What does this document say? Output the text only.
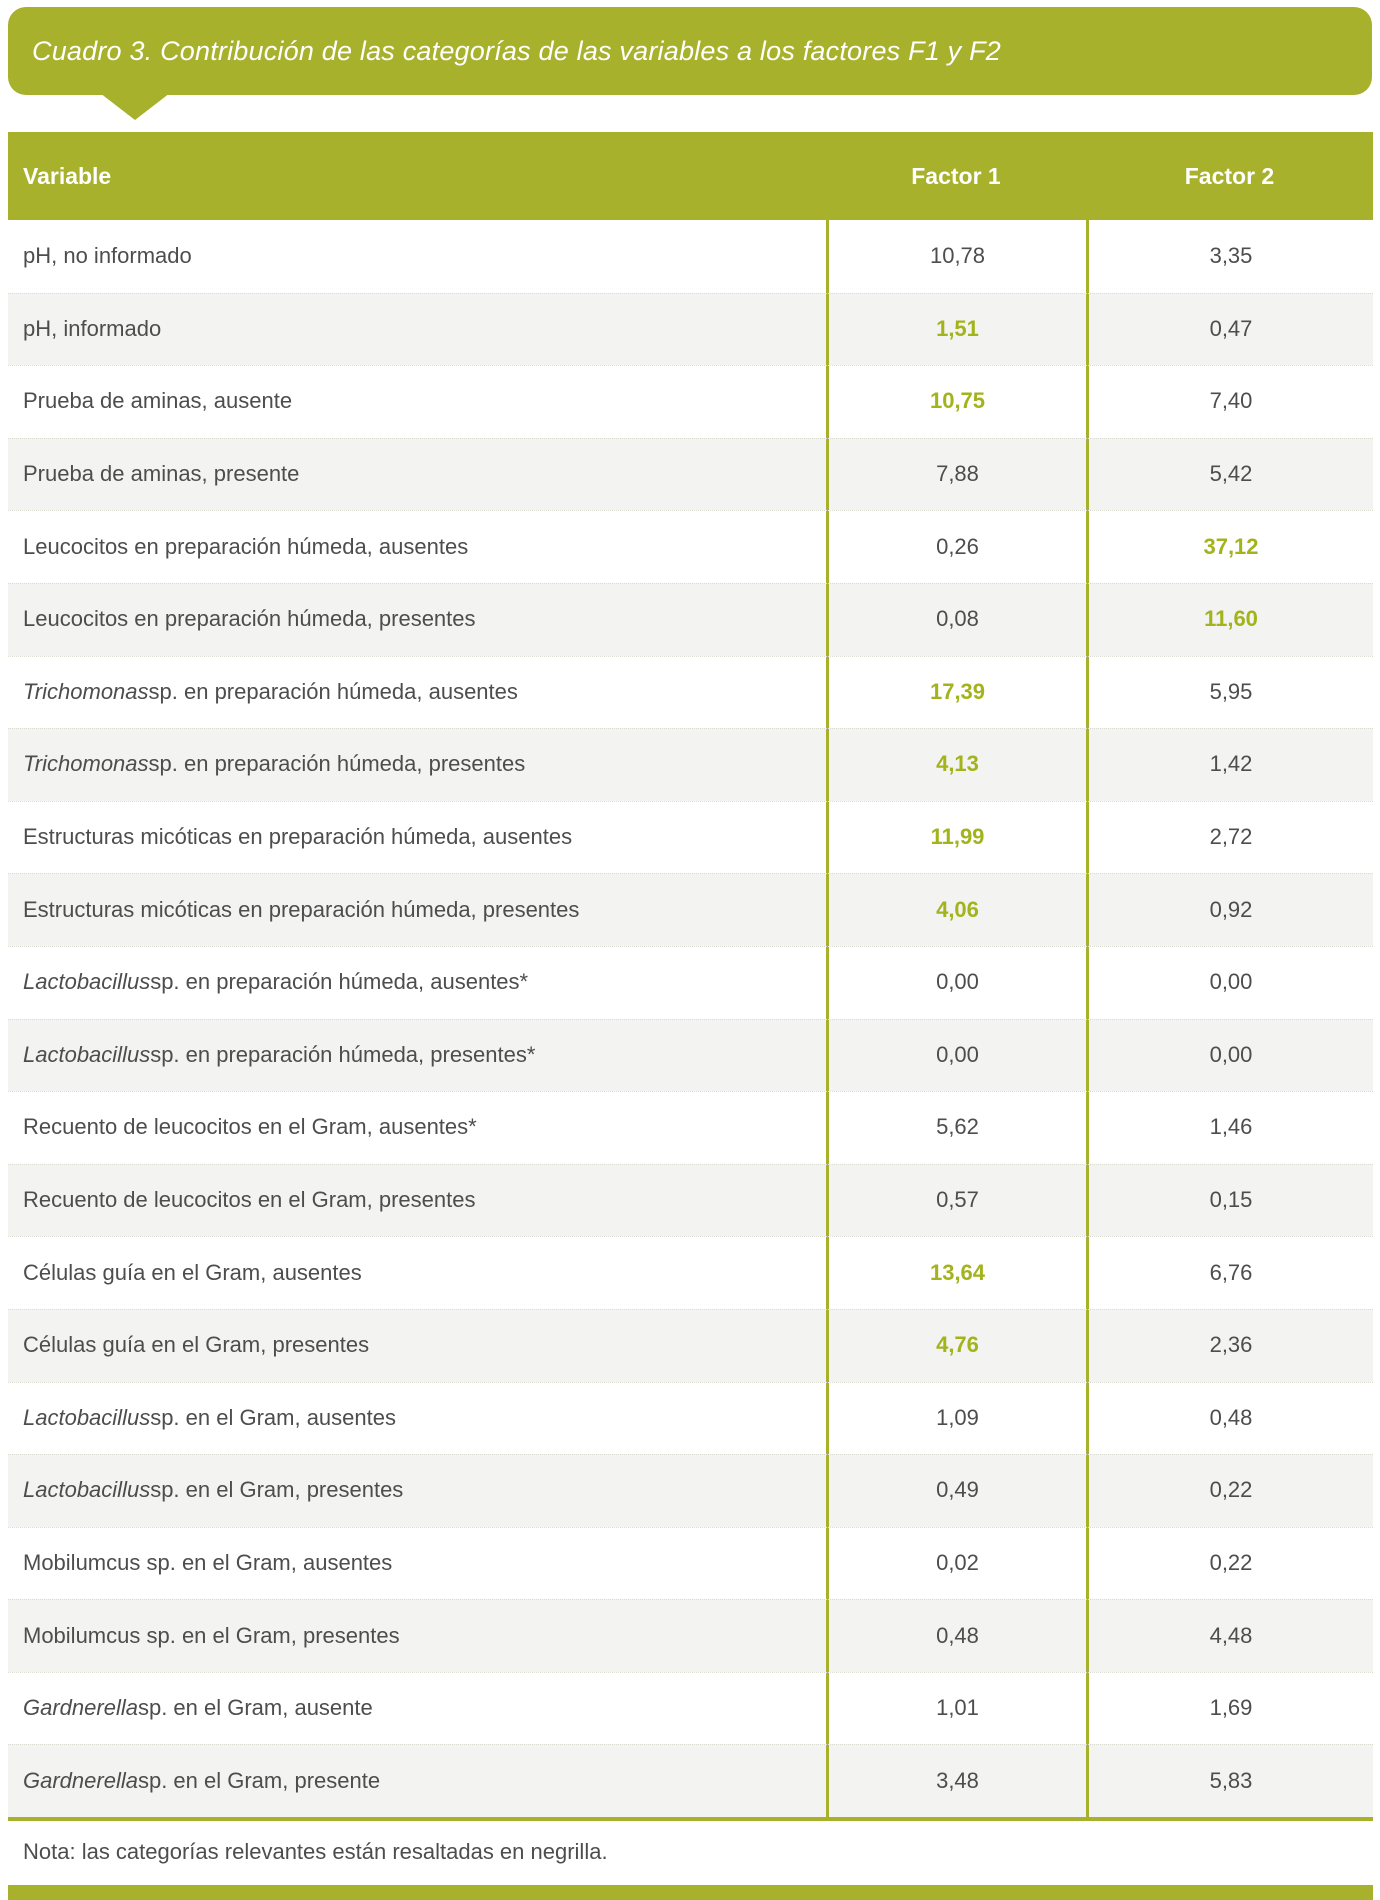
Cuadro 3. Contribución de las categorías de las variables a los factores F1 y F2
Variable	Factor 1	Factor 2
pH, no informado	10,78	3,35
pH, informado	1,51	0,47
Prueba de aminas, ausente	10,75	7,40
Prueba de aminas, presente	7,88	5,42
Leucocitos en preparación húmeda, ausentes	0,26	37,12
Leucocitos en preparación húmeda, presentes	0,08	11,60
Trichomonas sp. en preparación húmeda, ausentes	17,39	5,95
Trichomonas sp. en preparación húmeda, presentes	4,13	1,42
Estructuras micóticas en preparación húmeda, ausentes	11,99	2,72
Estructuras micóticas en preparación húmeda, presentes	4,06	0,92
Lactobacillus sp. en preparación húmeda, ausentes*	0,00	0,00
Lactobacillus sp. en preparación húmeda, presentes*	0,00	0,00
Recuento de leucocitos en el Gram, ausentes*	5,62	1,46
Recuento de leucocitos en el Gram, presentes	0,57	0,15
Células guía en el Gram, ausentes	13,64	6,76
Células guía en el Gram, presentes	4,76	2,36
Lactobacillus sp. en el Gram, ausentes	1,09	0,48
Lactobacillus sp. en el Gram, presentes	0,49	0,22
Mobilumcus sp. en el Gram, ausentes	0,02	0,22
Mobilumcus sp. en el Gram, presentes	0,48	4,48
Gardnerella sp. en el Gram, ausente	1,01	1,69
Gardnerella sp. en el Gram, presente	3,48	5,83
Nota: las categorías relevantes están resaltadas en negrilla.
